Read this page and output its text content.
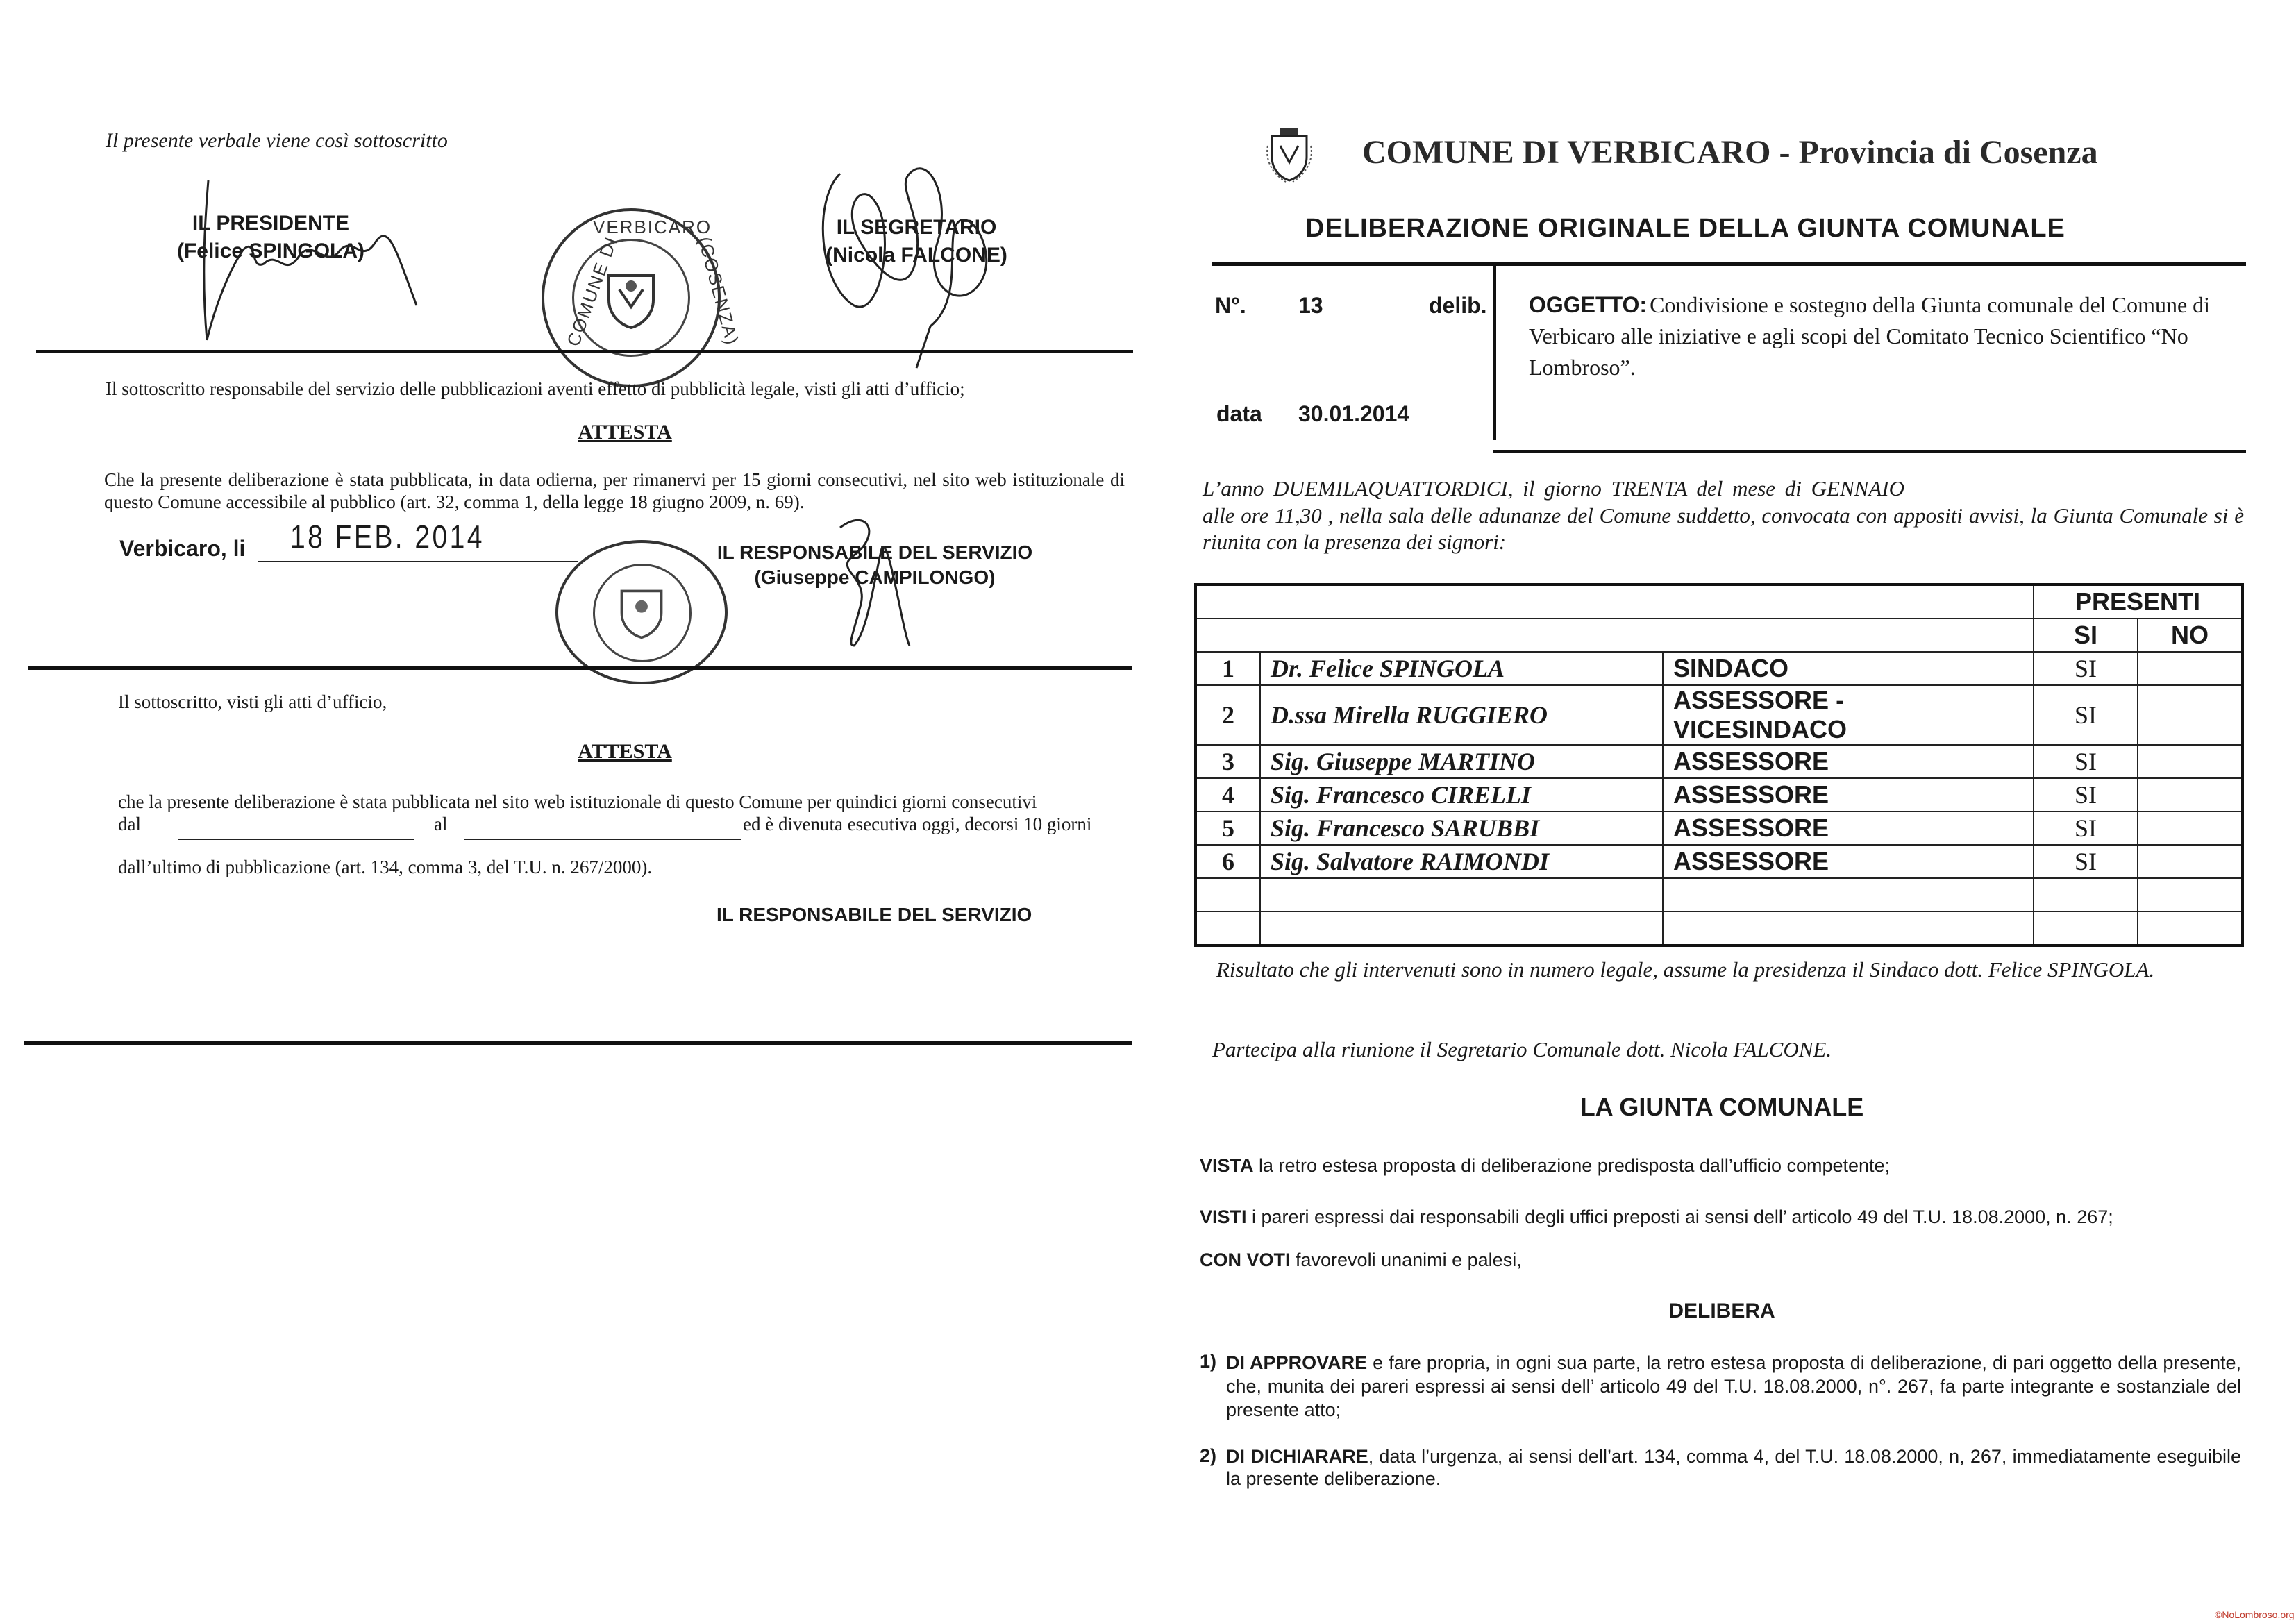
Il presente verbale viene così sottoscritto
IL PRESIDENTE
(Felice SPINGOLA)
IL SEGRETARIO
(Nicola FALCONE)
VERBICARO
COMUNE DI	(COSENZA)
Il sottoscritto responsabile del servizio delle pubblicazioni aventi effetto di pubblicità legale, visti gli atti d’ufficio;
ATTESTA
Che la presente deliberazione è stata pubblicata, in data odierna, per rimanervi per 15 giorni consecutivi, nel sito web istituzionale di questo Comune accessibile al pubblico (art. 32, comma 1, della legge 18 giugno 2009, n. 69).
Verbicaro, li 18 FEB. 2014	IL RESPONSABILE DEL SERVIZIO
(Giuseppe CAMPILONGO)
Il sottoscritto, visti gli atti d’ufficio,
ATTESTA
che la presente deliberazione è stata pubblicata nel sito web istituzionale di questo Comune per quindici giorni consecutivi
dal	al	ed è divenuta esecutiva oggi, decorsi 10 giorni
dall’ultimo di pubblicazione (art. 134, comma 3, del T.U. n. 267/2000).
IL RESPONSABILE DEL SERVIZIO
COMUNE DI VERBICARO - Provincia di Cosenza
DELIBERAZIONE ORIGINALE DELLA GIUNTA COMUNALE
N°. 13	delib.
data 30.01.2014
OGGETTO: Condivisione e sostegno della Giunta comunale del Comune di Verbicaro alle iniziative e agli scopi del Comitato Tecnico Scientifico “No Lombroso”.
L’anno DUEMILAQUATTORDICI, il giorno TRENTA del mese di GENNAIO
alle ore 11,30 , nella sala delle adunanze del Comune suddetto, convocata con appositi avvisi, la Giunta Comunale si è riunita con la presenza dei signori:
			PRESENTI	
			SI	NO
1	Dr. Felice SPINGOLA	SINDACO	SI	
2	D.ssa Mirella RUGGIERO	ASSESSORE - VICESINDACO	SI	
3	Sig. Giuseppe MARTINO	ASSESSORE	SI	
4	Sig. Francesco CIRELLI	ASSESSORE	SI	
5	Sig. Francesco SARUBBI	ASSESSORE	SI	
6	Sig. Salvatore RAIMONDI	ASSESSORE	SI	

Risultato che gli intervenuti sono in numero legale, assume la presidenza il Sindaco dott. Felice SPINGOLA.
Partecipa alla riunione il Segretario Comunale dott. Nicola FALCONE.
LA GIUNTA COMUNALE
VISTA la retro estesa proposta di deliberazione predisposta dall’ufficio competente;
VISTI i pareri espressi dai responsabili degli uffici preposti ai sensi dell’ articolo 49 del T.U. 18.08.2000, n. 267;
CON VOTI favorevoli unanimi e palesi,
DELIBERA
1) DI APPROVARE e fare propria, in ogni sua parte, la retro estesa proposta di deliberazione, di pari oggetto della presente, che, munita dei pareri espressi ai sensi dell’ articolo 49 del T.U. 18.08.2000, n°. 267, fa parte integrante e sostanziale del presente atto;
2) DI DICHIARARE, data l’urgenza, ai sensi dell’art. 134, comma 4, del T.U. 18.08.2000, n, 267, immediatamente eseguibile la presente deliberazione.
©NoLombroso.org
